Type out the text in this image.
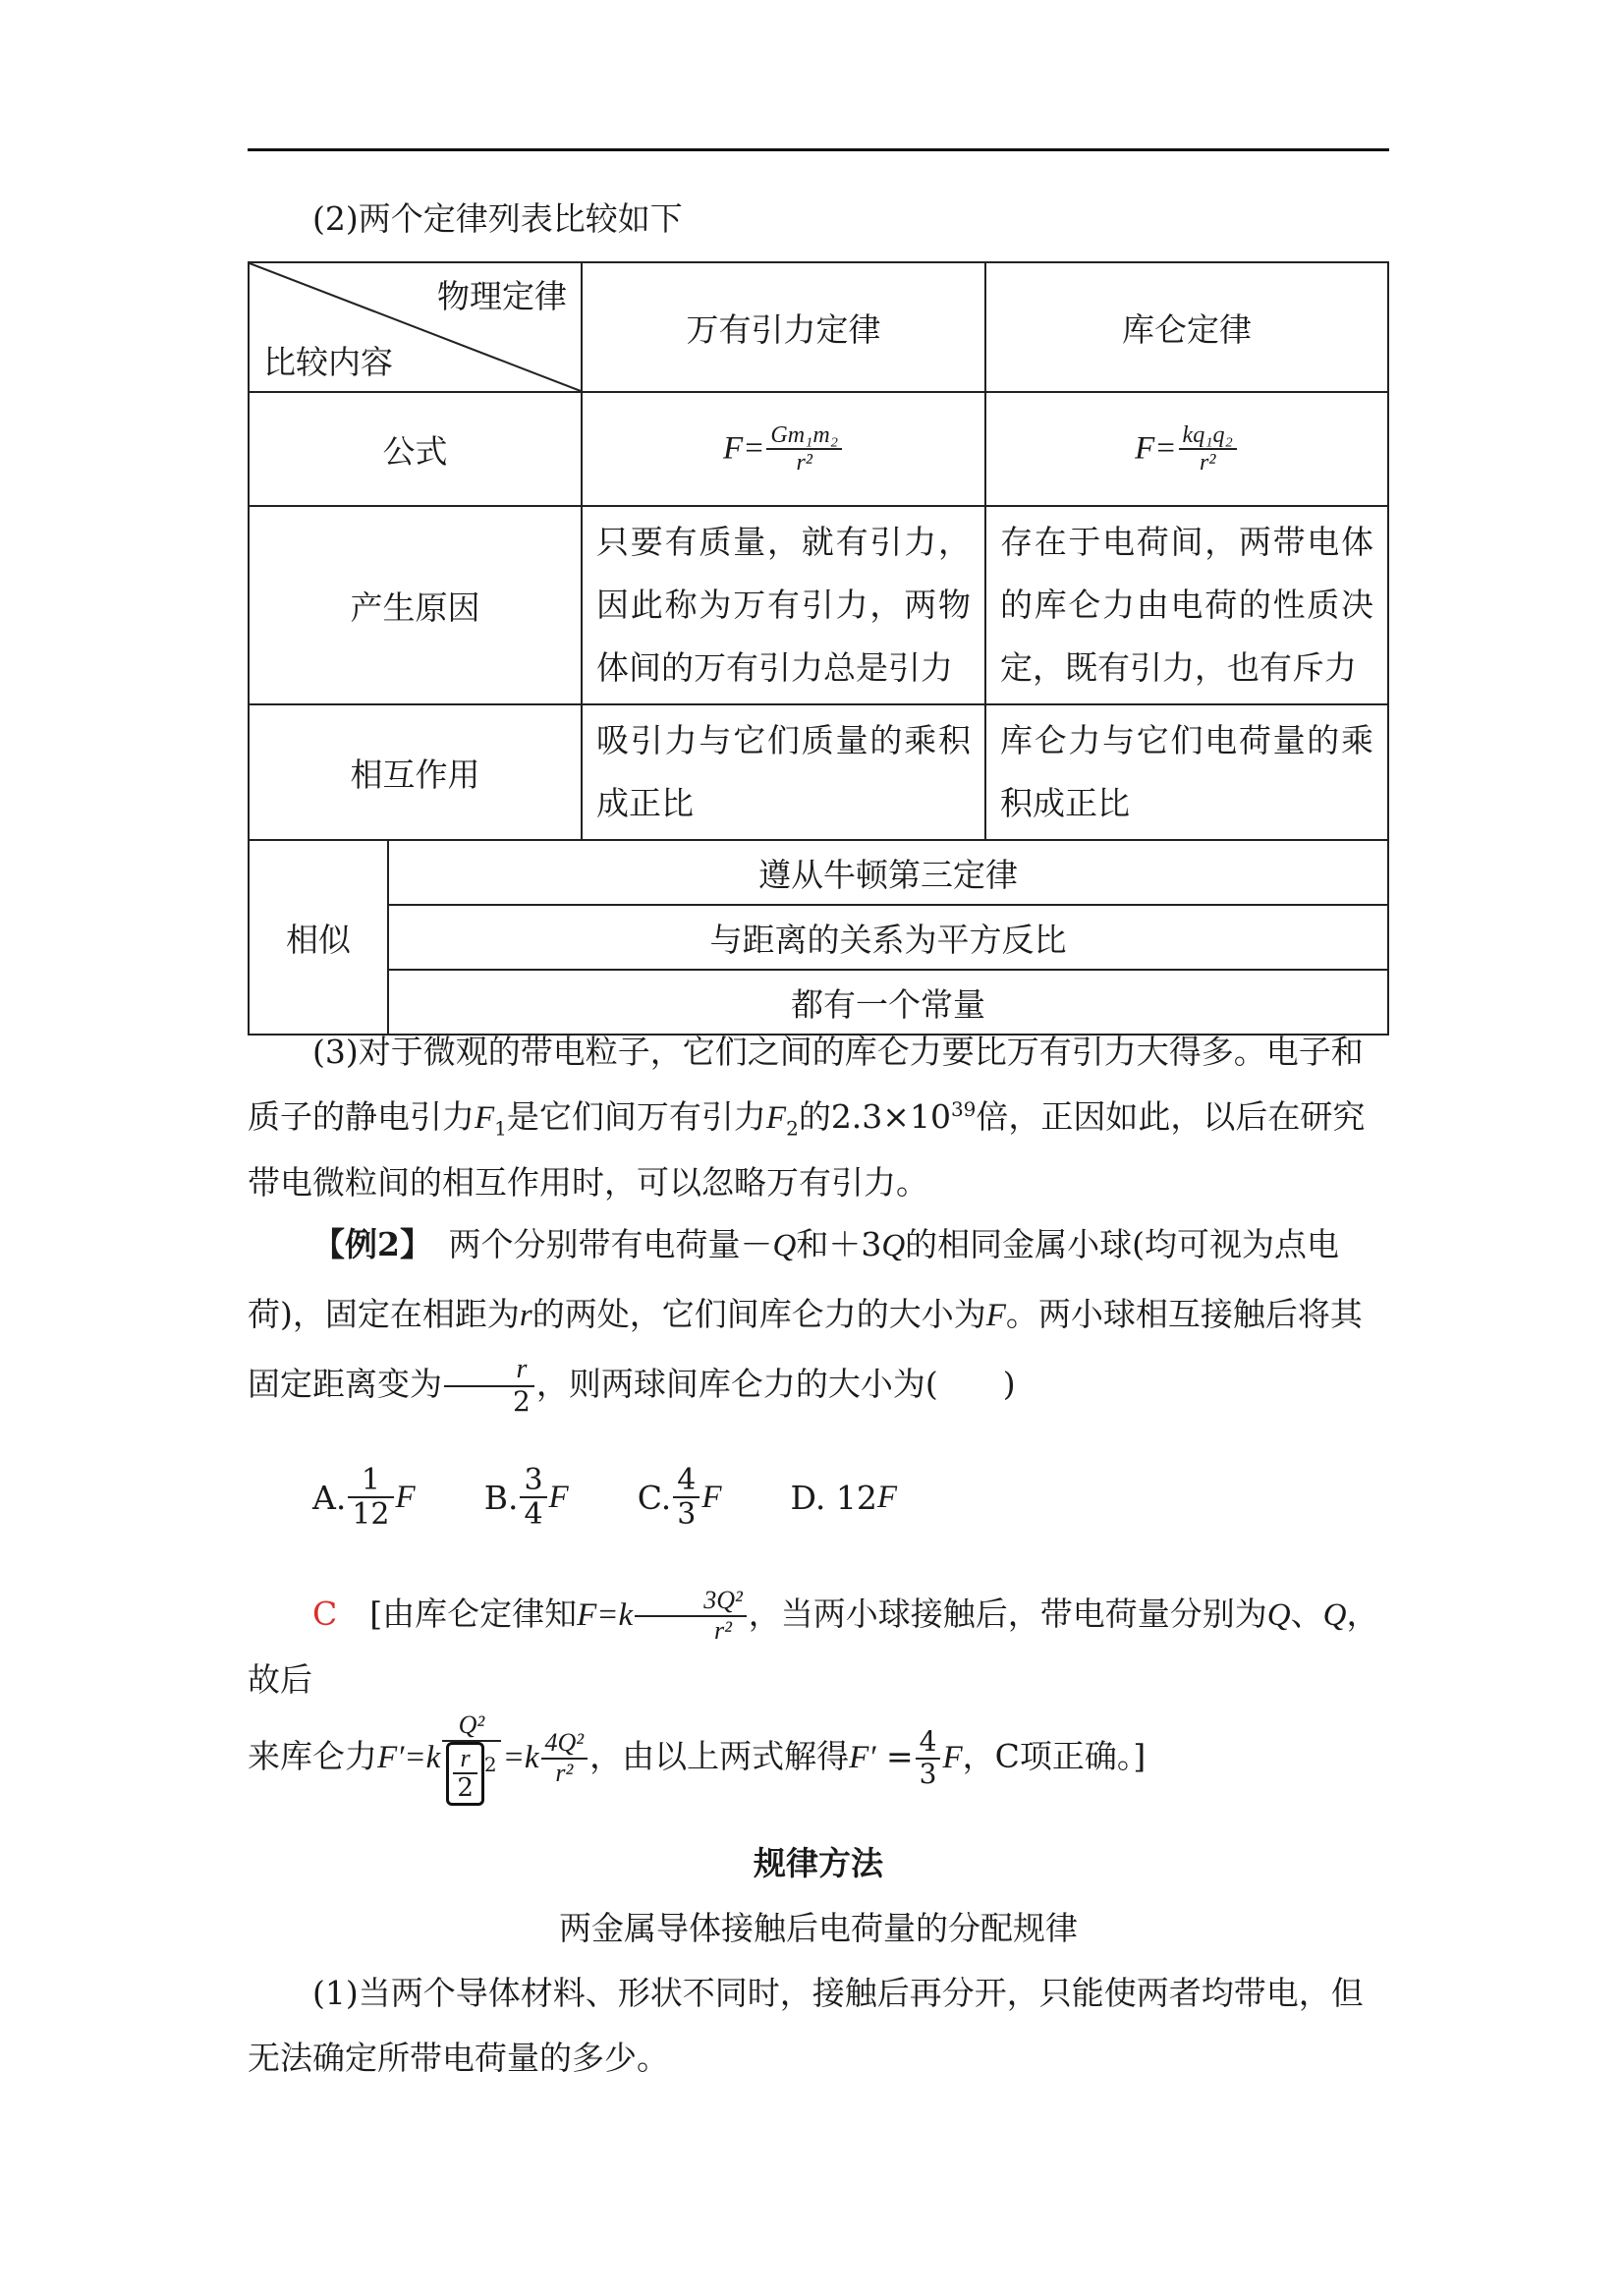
(2)两个定律列表比较如下
物理定律
比较内容		万有引力定律	库仑定律
公式		$F= \frac{\text{Gm₁m₂}}{\text{r²}}$	$F= \frac{\text{kq₁q₂}}{\text{r²}}$

产生原因		只要有质量，就有引力，因此称为万有引力，两物体间的万有引力总是引力	存在于电荷间，两带电体的库仑力由电荷的性质决定，既有引力，也有斥力
相互作用		吸引力与它们质量的乘积成正比	库仑力与它们电荷量的乘积成正比
相似	遵从牛顿第三定律		
	与距离的关系为平方反比		
	都有一个常量		
(3)对于微观的带电粒子，它们之间的库仑力要比万有引力大得多。电子和质子的静电引力$F_1$是它们间万有引力$F_2$的$2.3\times 10^{39}$倍，正因如此，以后在研究带电微粒间的相互作用时，可以忽略万有引力。
【例2】　 两个分别带有电荷量－Q和＋3Q的相同金属小球(均可视为点电荷)，固定在相距为r的两处，它们间库仑力的大小为F。两小球相互接触后将其固定距离变为 $\frac{r}{2}$ ，则两球间库仑力的大小为(　　)
A. $\frac{1}{12}$ F B. $\frac{3}{4}$ F C. $\frac{4}{3}$ F D.
12 F
C　 [由库仑定律知$F=k \frac{\text{3Q²}}{\text{r²}}$ ，当两小球接触后，带电荷量分别为Q、Q，故后
来库仑力$F'=k \frac{\text{Q²}}{\frac{r}{2} ^2} =k \frac{\text{4Q²}}{\text{r²}}$ ，由以上两式解得$F' = \frac{4}{3}$ F，C项正确。]
规律方法
两金属导体接触后电荷量的分配规律
(1)当两个导体材料、形状不同时，接触后再分开，只能使两者均带电，但无法确定所带电荷量的多少。
